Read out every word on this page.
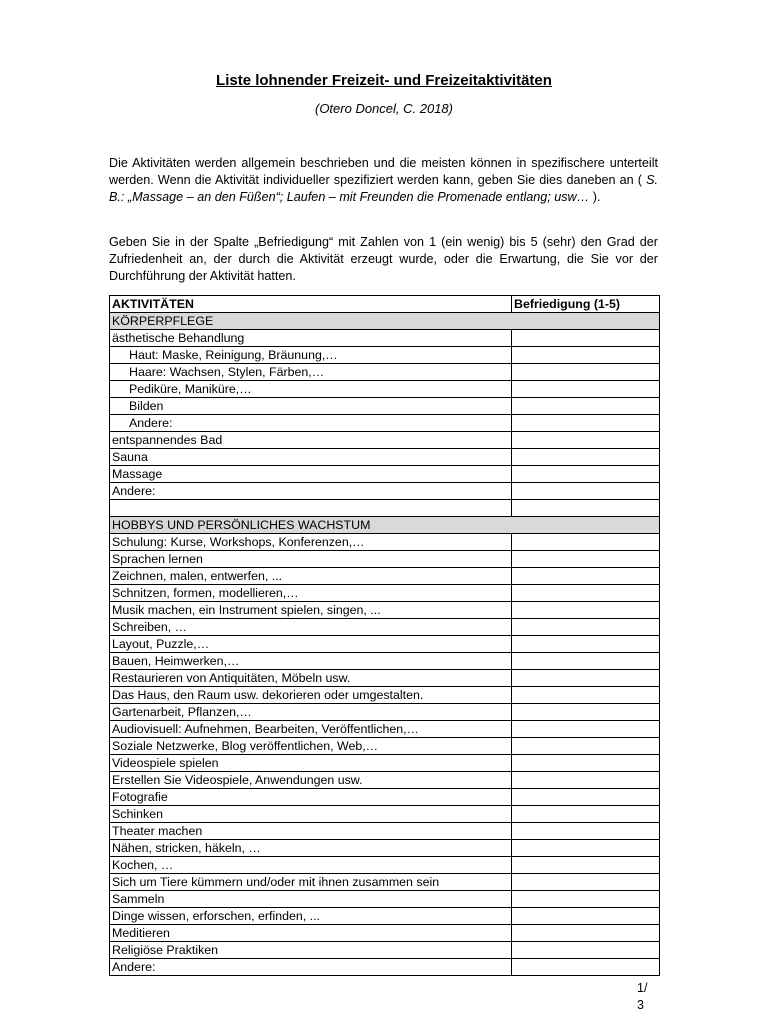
Liste lohnender Freizeit- und Freizeitaktivitäten
(Otero Doncel, C. 2018)
Die Aktivitäten werden allgemein beschrieben und die meisten können in spezifischere unterteilt werden. Wenn die Aktivität individueller spezifiziert werden kann, geben Sie dies daneben an ( S. B.: „Massage – an den Füßen“; Laufen – mit Freunden die Promenade entlang; usw… ).
Geben Sie in der Spalte „Befriedigung“ mit Zahlen von 1 (ein wenig) bis 5 (sehr) den Grad der Zufriedenheit an, der durch die Aktivität erzeugt wurde, oder die Erwartung, die Sie vor der Durchführung der Aktivität hatten.
AKTIVITÄTEN	Befriedigung (1-5)
KÖRPERPFLEGE	
ästhetische Behandlung	
Haut: Maske, Reinigung, Bräunung,…	
Haare: Wachsen, Stylen, Färben,…	
Pediküre, Maniküre,…	
Bilden	
Andere:	
entspannendes Bad	
Sauna	
Massage	
Andere:	

HOBBYS UND PERSÖNLICHES WACHSTUM	
Schulung: Kurse, Workshops, Konferenzen,…	
Sprachen lernen	
Zeichnen, malen, entwerfen, ...	
Schnitzen, formen, modellieren,…	
Musik machen, ein Instrument spielen, singen, ...	
Schreiben, …	
Layout, Puzzle,…	
Bauen, Heimwerken,…	
Restaurieren von Antiquitäten, Möbeln usw.	
Das Haus, den Raum usw. dekorieren oder umgestalten.	
Gartenarbeit, Pflanzen,…	
Audiovisuell: Aufnehmen, Bearbeiten, Veröffentlichen,…	
Soziale Netzwerke, Blog veröffentlichen, Web,…	
Videospiele spielen	
Erstellen Sie Videospiele, Anwendungen usw.	
Fotografie	
Schinken	
Theater machen	
Nähen, stricken, häkeln, …	
Kochen, …	
Sich um Tiere kümmern und/oder mit ihnen zusammen sein	
Sammeln	
Dinge wissen, erforschen, erfinden, ...	
Meditieren	
Religiöse Praktiken	
Andere:	
1/ 3
